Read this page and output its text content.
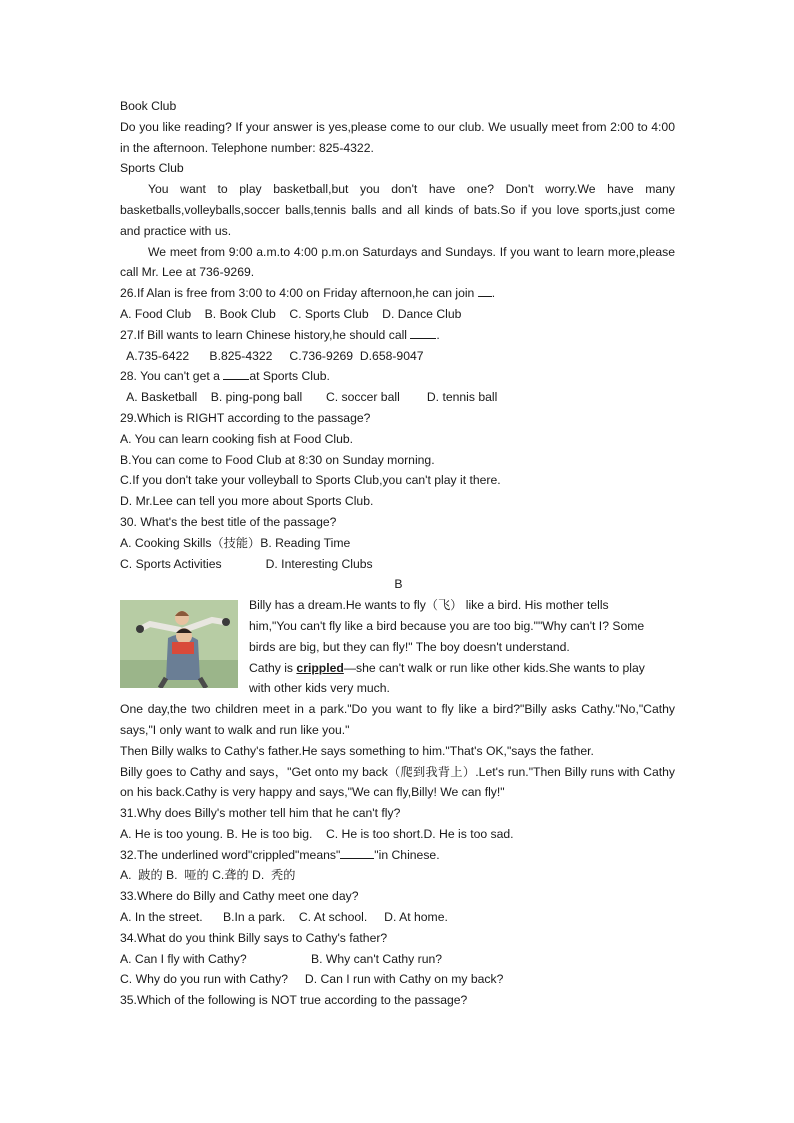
Book Club
Do you like reading? If your answer is yes,please come to our club. We usually meet from 2:00 to 4:00 in the afternoon. Telephone number: 825-4322.
Sports Club
You want to play basketball,but you don't have one? Don't worry.We have many basketballs,volleyballs,soccer balls,tennis balls and all kinds of bats.So if you love sports,just come and practice with us.
We meet from 9:00 a.m.to 4:00 p.m.on Saturdays and Sundays. If you want to learn more,please call Mr. Lee at 736-9269.
26.If Alan is free from 3:00 to 4:00 on Friday afternoon,he can join .
A. Food Club    B. Book Club    C. Sports Club    D. Dance Club
27.If Bill wants to learn Chinese history,he should call .
A.735-6422      B.825-4322     C.736-9269  D.658-9047
28. You can't get a at Sports Club.
A. Basketball    B. ping-pong ball       C. soccer ball        D. tennis ball
29.Which is RIGHT according to the passage?
A. You can learn cooking fish at Food Club.
B.You can come to Food Club at 8:30 on Sunday morning.
C.If you don't take your volleyball to Sports Club,you can't play it there.
D. Mr.Lee can tell you more about Sports Club.
30. What's the best title of the passage?
A. Cooking Skills（技能）B. Reading Time
C. Sports Activities             D. Interesting Clubs
B
Billy has a dream.He wants to fly（飞） like a bird. His mother tells
him,"You can't fly like a bird because you are too big.""Why can't I? Some
birds are big, but they can fly!" The boy doesn't understand.
Cathy is crippled—she can't walk or run like other kids.She wants to play
with other kids very much.
One day,the two children meet in a park."Do you want to fly like a bird?"Billy asks Cathy."No,"Cathy says,"I only want to walk and run like you."
Then Billy walks to Cathy's father.He says something to him."That's OK,"says the father.
Billy goes to Cathy and says，"Get onto my back（爬到我背上）.Let's run."Then Billy runs with Cathy on his back.Cathy is very happy and says,"We can fly,Billy! We can fly!"
31.Why does Billy's mother tell him that he can't fly?
A. He is too young. B. He is too big.    C. He is too short.D. He is too sad.
32.The underlined word"crippled"means"	"in Chinese.
A.  跛的 B.  哑的 C.聋的 D.  秃的
33.Where do Billy and Cathy meet one day?
A. In the street.      B.In a park.    C. At school.     D. At home.
34.What do you think Billy says to Cathy's father?
A. Can I fly with Cathy?                   B. Why can't Cathy run?
C. Why do you run with Cathy?     D. Can I run with Cathy on my back?
35.Which of the following is NOT true according to the passage?
